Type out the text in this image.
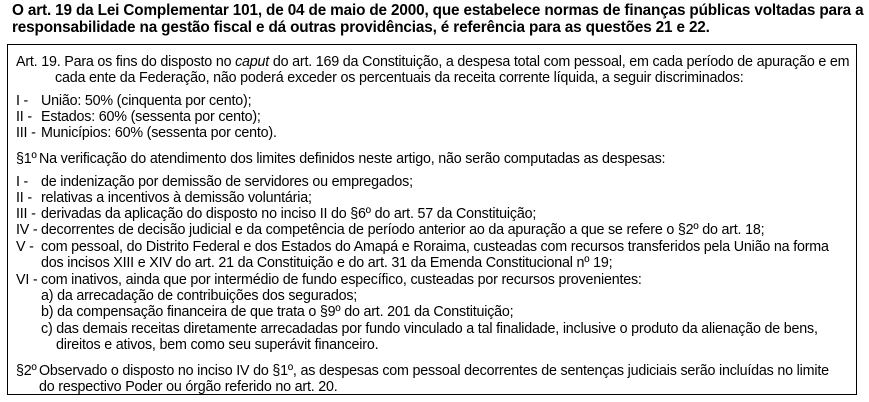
O art. 19 da Lei Complementar 101, de 04 de maio de 2000, que estabelece normas de finanças públicas voltadas para a
responsabilidade na gestão fiscal e dá outras providências, é referência para as questões 21 e 22.
Art. 19. Para os fins do disposto no caput do art. 169 da Constituição, a despesa total com pessoal, em cada período de apuração e em
cada ente da Federação, não poderá exceder os percentuais da receita corrente líquida, a seguir discriminados:
I - União: 50% (cinquenta por cento);
II - Estados: 60% (sessenta por cento);
III - Municípios: 60% (sessenta por cento).
§1º Na verificação do atendimento dos limites definidos neste artigo, não serão computadas as despesas:
I - de indenização por demissão de servidores ou empregados;
II - relativas a incentivos à demissão voluntária;
III - derivadas da aplicação do disposto no inciso II do §6º do art. 57 da Constituição;
IV - decorrentes de decisão judicial e da competência de período anterior ao da apuração a que se refere o §2º do art. 18;
V - com pessoal, do Distrito Federal e dos Estados do Amapá e Roraima, custeadas com recursos transferidos pela União na forma
dos incisos XIII e XIV do art. 21 da Constituição e do art. 31 da Emenda Constitucional nº 19;
VI - com inativos, ainda que por intermédio de fundo específico, custeadas por recursos provenientes:
a) da arrecadação de contribuições dos segurados;
b) da compensação financeira de que trata o §9º do art. 201 da Constituição;
c) das demais receitas diretamente arrecadadas por fundo vinculado a tal finalidade, inclusive o produto da alienação de bens,
direitos e ativos, bem como seu superávit financeiro.
§2º Observado o disposto no inciso IV do §1º, as despesas com pessoal decorrentes de sentenças judiciais serão incluídas no limite
do respectivo Poder ou órgão referido no art. 20.
